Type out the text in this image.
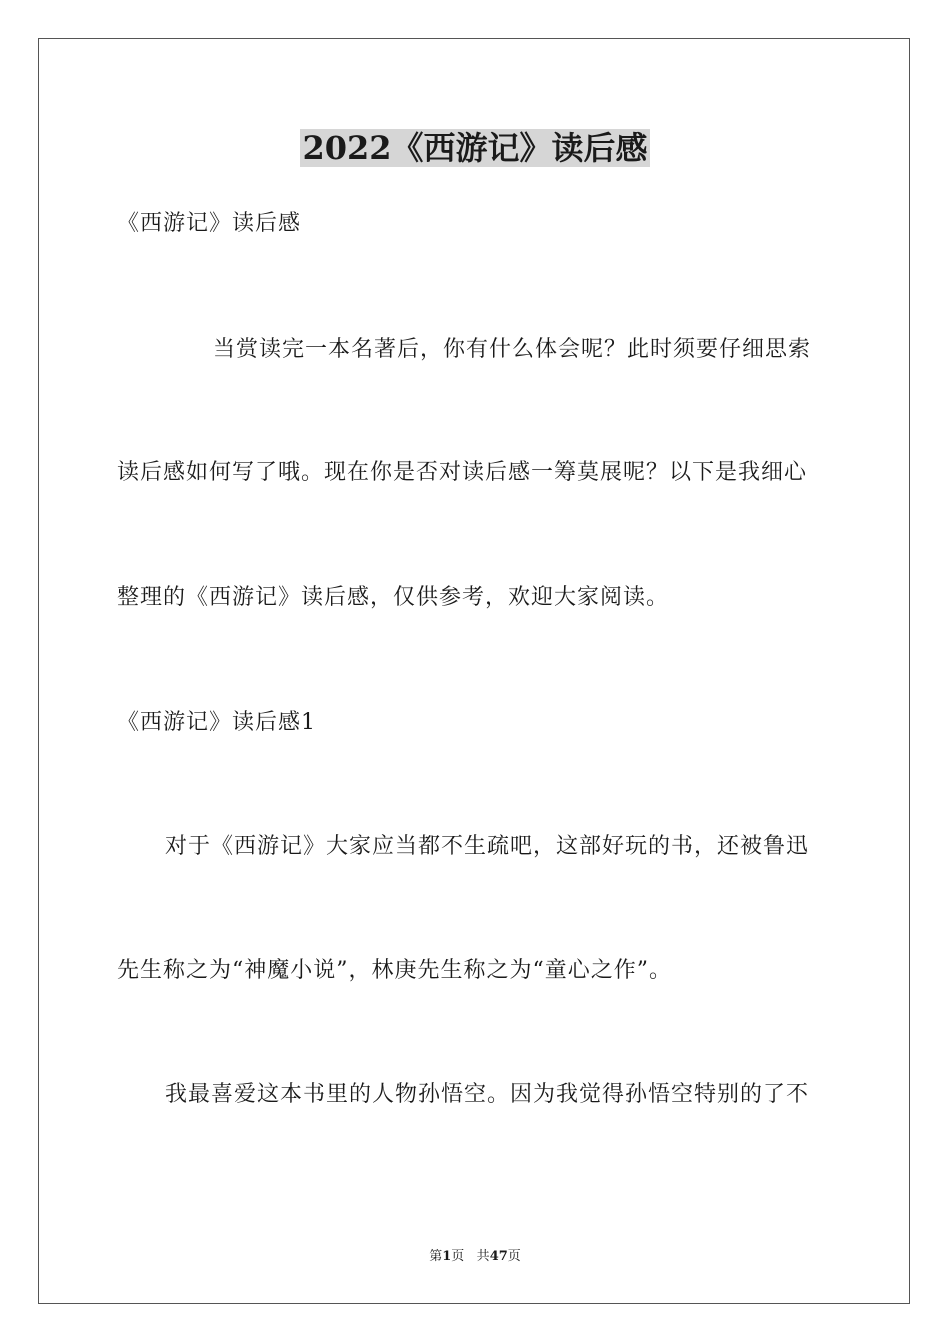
2022《西游记》读后感
《西游记》读后感
当赏读完一本名著后，你有什么体会呢？此时须要仔细思索
读后感如何写了哦。现在你是否对读后感一筹莫展呢？以下是我细心
整理的《西游记》读后感，仅供参考，欢迎大家阅读。
《西游记》读后感1
对于《西游记》大家应当都不生疏吧，这部好玩的书，还被鲁迅
先生称之为“神魔小说”，林庚先生称之为“童心之作”。
我最喜爱这本书里的人物孙悟空。因为我觉得孙悟空特别的了不
第1页 共47页
